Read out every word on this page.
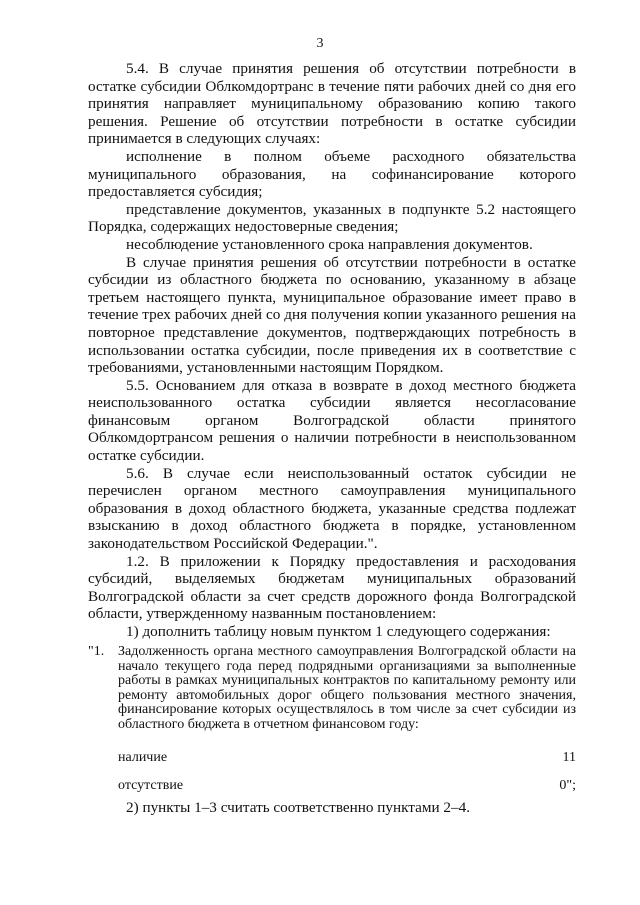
3

5.4. В случае принятия решения об отсутствии потребности в остатке субсидии Облкомдортранс в течение пяти рабочих дней со дня его принятия направляет муниципальному образованию копию такого решения. Решение об отсутствии потребности в остатке субсидии принимается в следующих случаях:

исполнение в полном объеме расходного обязательства муниципального образования, на софинансирование которого предоставляется субсидия;

представление документов, указанных в подпункте 5.2 настоящего Порядка, содержащих недостоверные сведения;

несоблюдение установленного срока направления документов.

В случае принятия решения об отсутствии потребности в остатке субсидии из областного бюджета по основанию, указанному в абзаце третьем настоящего пункта, муниципальное образование имеет право в течение трех рабочих дней со дня получения копии указанного решения на повторное представление документов, подтверждающих потребность в использовании остатка субсидии, после приведения их в соответствие с требованиями, установленными настоящим Порядком.

5.5. Основанием для отказа в возврате в доход местного бюджета неиспользованного остатка субсидии является несогласование финансовым органом Волгоградской области принятого Облкомдортрансом решения о наличии потребности в неиспользованном остатке субсидии.

5.6. В случае если неиспользованный остаток субсидии не перечислен органом местного самоуправления муниципального образования в доход областного бюджета, указанные средства подлежат взысканию в доход областного бюджета в порядке, установленном законодательством Российской Федерации.".

1.2. В приложении к Порядку предоставления и расходования субсидий, выделяемых бюджетам муниципальных образований Волгоградской области за счет средств дорожного фонда Волгоградской области, утвержденному названным постановлением:

1) дополнить таблицу новым пунктом 1 следующего содержания:

"1. Задолженность органа местного самоуправления Волгоградской области на начало текущего года перед подрядными организациями за выполненные работы в рамках муниципальных контрактов по капитальному ремонту или ремонту автомобильных дорог общего пользования местного значения, финансирование которых осуществлялось в том числе за счет субсидии из областного бюджета в отчетном финансовом году:
наличие	11
отсутствие	0";
2) пункты 1–3 считать соответственно пунктами 2–4.
